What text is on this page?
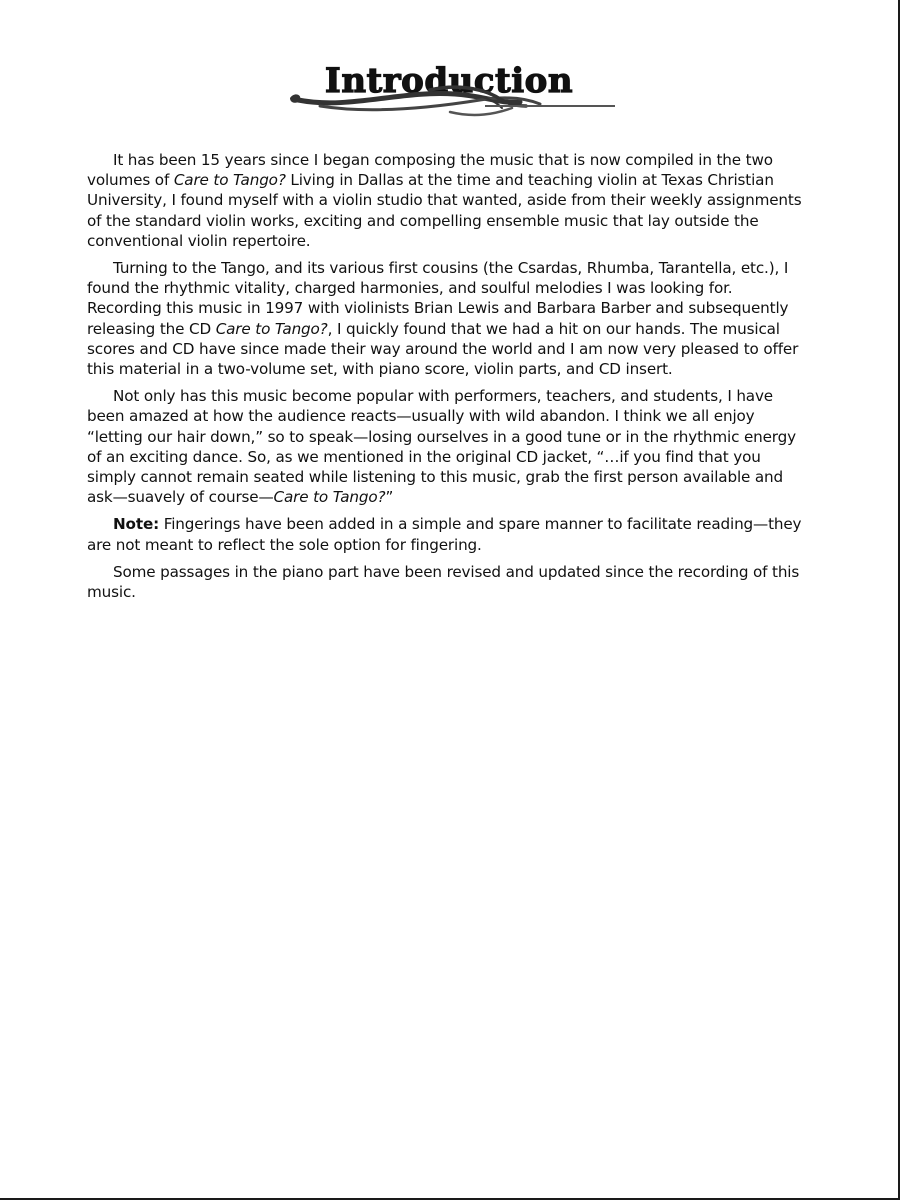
Introduction

It has been 15 years since I began composing the music that is now compiled in the two volumes of Care to Tango? Living in Dallas at the time and teaching violin at Texas Christian University, I found myself with a violin studio that wanted, aside from their weekly assignments of the standard violin works, exciting and compelling ensemble music that lay outside the conventional violin repertoire.

Turning to the Tango, and its various first cousins (the Csardas, Rhumba, Tarantella, etc.), I found the rhythmic vitality, charged harmonies, and soulful melodies I was looking for. Recording this music in 1997 with violinists Brian Lewis and Barbara Barber and subsequently releasing the CD Care to Tango?, I quickly found that we had a hit on our hands. The musical scores and CD have since made their way around the world and I am now very pleased to offer this material in a two-volume set, with piano score, violin parts, and CD insert.

Not only has this music become popular with performers, teachers, and students, I have been amazed at how the audience reacts—usually with wild abandon. I think we all enjoy “letting our hair down,” so to speak—losing ourselves in a good tune or in the rhythmic energy of an exciting dance. So, as we mentioned in the original CD jacket, “…if you find that you simply cannot remain seated while listening to this music, grab the first person available and ask—suavely of course—Care to Tango?”

Note: Fingerings have been added in a simple and spare manner to facilitate reading—they are not meant to reflect the sole option for fingering.

Some passages in the piano part have been revised and updated since the recording of this music.
